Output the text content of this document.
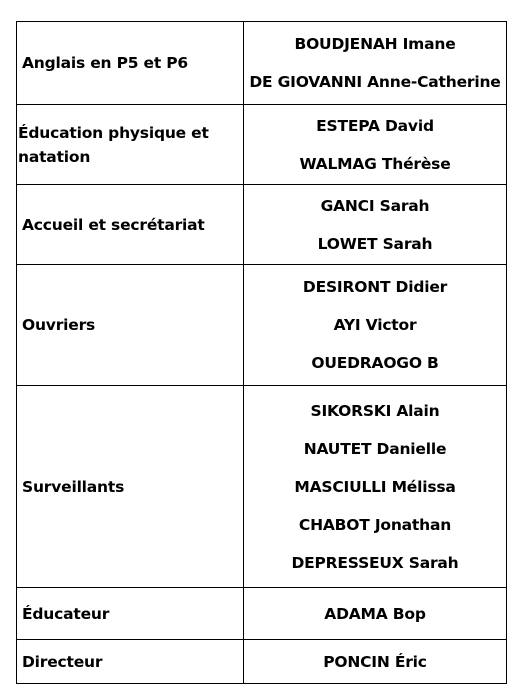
Anglais en P5 et P6	BOUDJENAH Imane
DE GIOVANNI Anne-Catherine

Éducation physique et natation	ESTEPA David
WALMAG Thérèse

Accueil et secrétariat	GANCI Sarah
LOWET Sarah

Ouvriers	DESIRONT Didier
AYI Victor
OUEDRAOGO B

Surveillants	SIKORSKI Alain
NAUTET Danielle
MASCIULLI Mélissa
CHABOT Jonathan
DEPRESSEUX Sarah

Éducateur	ADAMA Bop

Directeur	PONCIN Éric
